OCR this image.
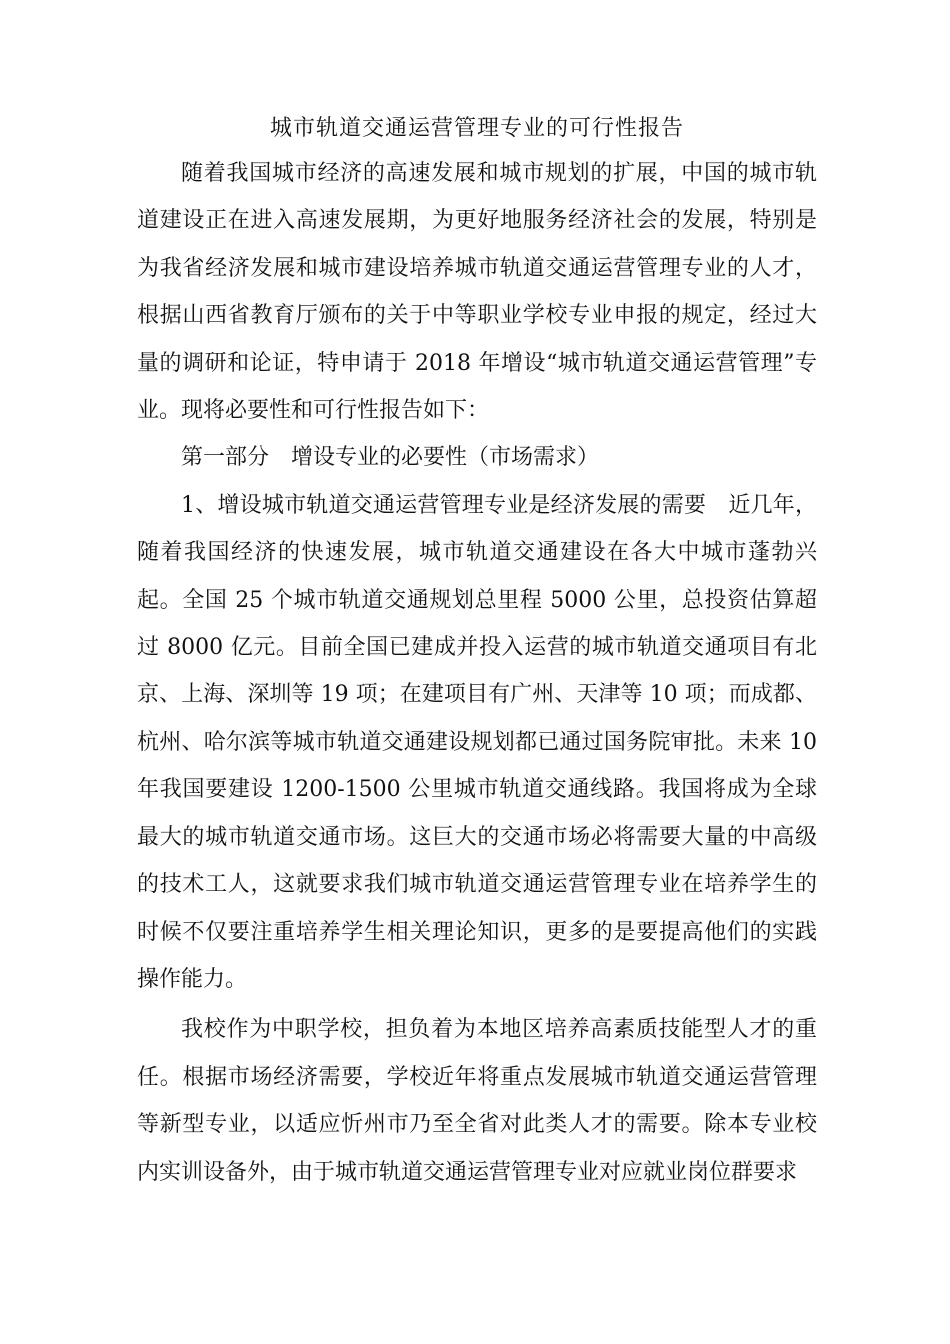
城市轨道交通运营管理专业的可行性报告

随着我国城市经济的高速发展和城市规划的扩展，中国的城市轨道建设正在进入高速发展期，为更好地服务经济社会的发展，特别是为我省经济发展和城市建设培养城市轨道交通运营管理专业的人才，根据山西省教育厅颁布的关于中等职业学校专业申报的规定，经过大量的调研和论证，特申请于 2018 年增设“城市轨道交通运营管理”专业。现将必要性和可行性报告如下：

第一部分　增设专业的必要性（市场需求）

1、增设城市轨道交通运营管理专业是经济发展的需要　近几年，随着我国经济的快速发展，城市轨道交通建设在各大中城市蓬勃兴起。全国 25 个城市轨道交通规划总里程 5000 公里，总投资估算超过 8000 亿元。目前全国已建成并投入运营的城市轨道交通项目有北京、上海、深圳等 19 项；在建项目有广州、天津等 10 项；而成都、杭州、哈尔滨等城市轨道交通建设规划都已通过国务院审批。未来 10 年我国要建设 1200-1500 公里城市轨道交通线路。我国将成为全球最大的城市轨道交通市场。这巨大的交通市场必将需要大量的中高级的技术工人，这就要求我们城市轨道交通运营管理专业在培养学生的时候不仅要注重培养学生相关理论知识，更多的是要提高他们的实践操作能力。

我校作为中职学校，担负着为本地区培养高素质技能型人才的重任。根据市场经济需要，学校近年将重点发展城市轨道交通运营管理等新型专业，以适应忻州市乃至全省对此类人才的需要。除本专业校内实训设备外，由于城市轨道交通运营管理专业对应就业岗位群要求
